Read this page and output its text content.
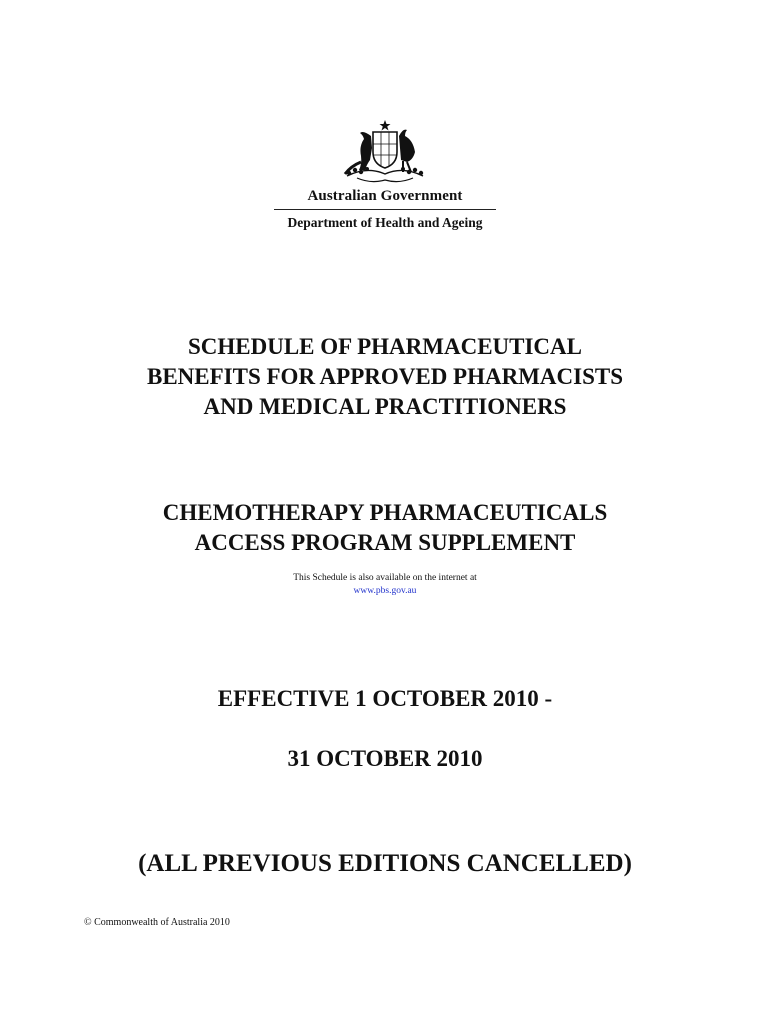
Australian Government
Department of Health and Ageing
SCHEDULE OF PHARMACEUTICAL
BENEFITS FOR APPROVED PHARMACISTS
AND MEDICAL PRACTITIONERS
CHEMOTHERAPY PHARMACEUTICALS
ACCESS PROGRAM SUPPLEMENT
This Schedule is also available on the internet at
www.pbs.gov.au
EFFECTIVE 1 OCTOBER 2010 -
31 OCTOBER 2010
(ALL PREVIOUS EDITIONS CANCELLED)
© Commonwealth of Australia 2010
